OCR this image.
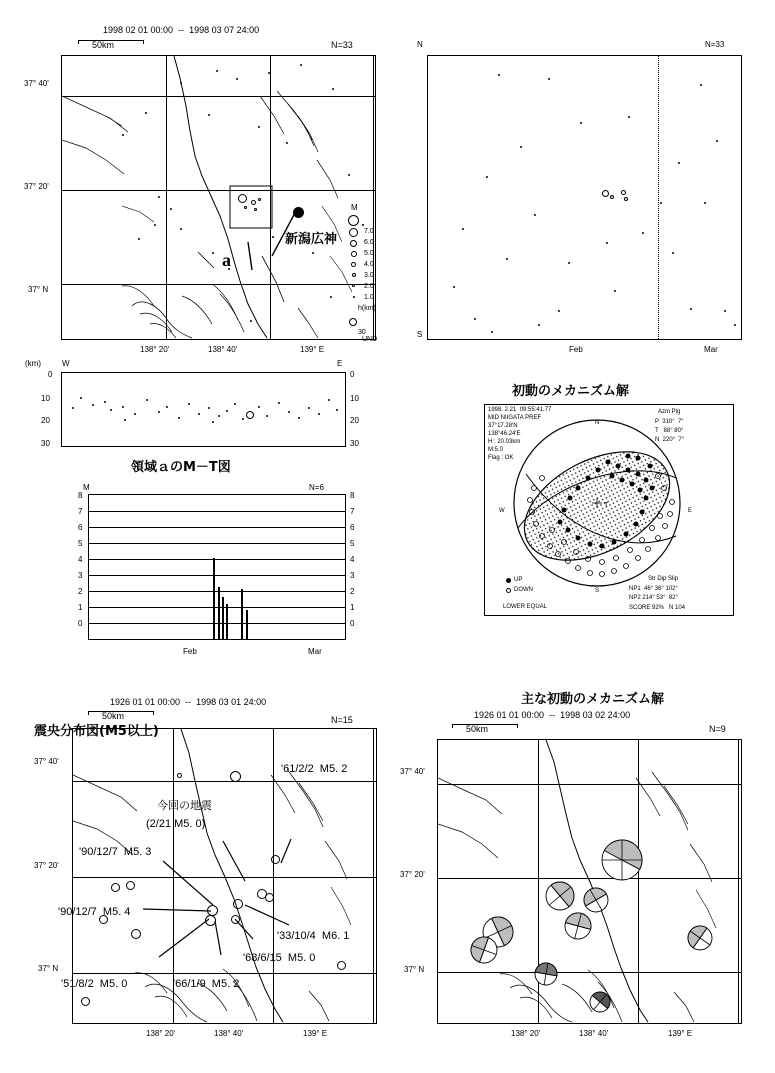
1998 02 01 00:00  --  1998 03 07 24:00
50km	N=33
37° 40'
37° 20'
37° N
138° 20'	138° 40'	139° E
新潟広神
a
M
7.0
6.0
5.0
4.0
3.0
2.0
1.0
UND
h(km)
30
N	N=33
S
Feb	Mar
(km)	W	E
0
10
20
30
0
10
20
30
領域ａのM－T図
M	N=6
8
7
6
5
4
3
2
1
0
8
7
6
5
4
3
2
1
0
Feb	Mar
初動のメカニズム解
1998. 2.21  09:55:41.77
MID NIIGATA PREF
37°17.28'N
138°46.24'E
H : 20.03km
M:5.0
Flag : OK
Azm Plg
P  310°  7°
T   88° 80°
N  220°  7°
T
N
W	E
S
UP
DOWN
LOWER EQUAL
Str Dip Slip
NP1  46° 36° 102°
NP2 214° 53°  82°
SCORE 92%   N 104
1926 01 01 00:00  --  1998 03 01 24:00
50km	N=15
震央分布図(M5以上)
37° 40'
37° 20'
37° N
138° 20'	138° 40'	139° E
'61/2/2  M5. 2
今回の地震
(2/21 M5. 0)
'90/12/7  M5. 3
'90/12/7  M5. 4
'33/10/4  M6. 1
'68/6/15  M5. 0
'51/8/2  M5. 0	'66/1/9  M5. 2
主な初動のメカニズム解
1926 01 01 00:00  --  1998 03 02 24:00
50km	N=9
37° 40'
37° 20'
37° N
138° 20'	138° 40'	139° E
